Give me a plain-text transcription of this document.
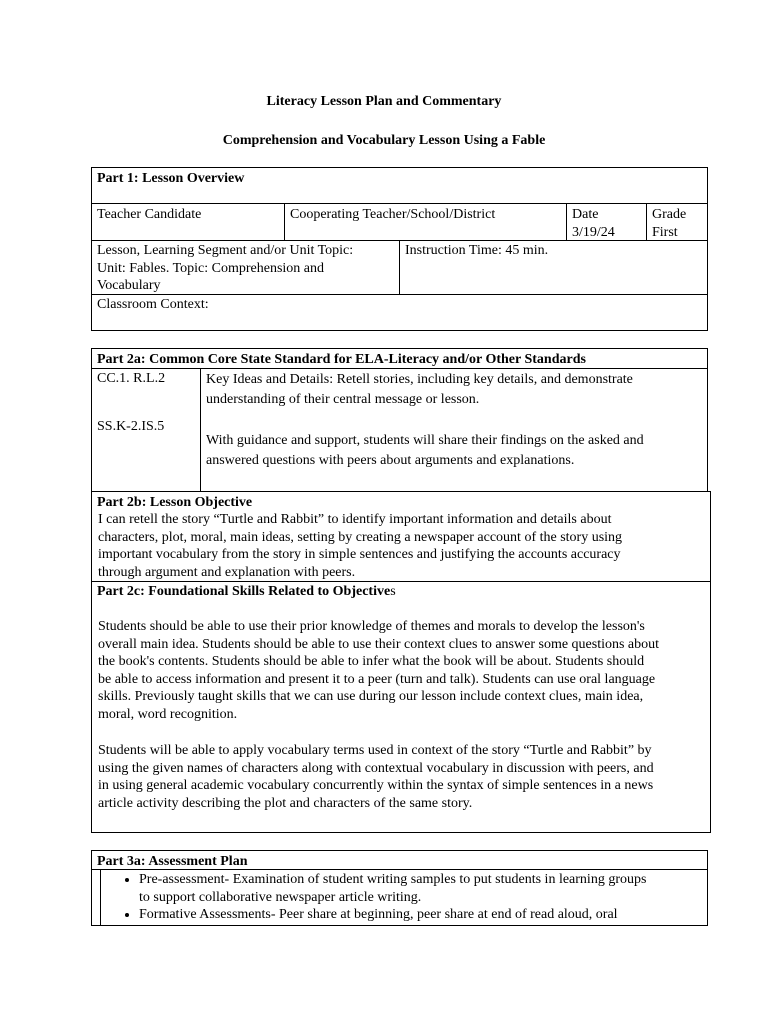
Literacy Lesson Plan and Commentary
Comprehension and Vocabulary Lesson Using a Fable
Part 1: Lesson Overview
Teacher Candidate	Cooperating Teacher/School/District	Date
3/19/24
Grade
First
Lesson, Learning Segment and/or Unit Topic:
Unit: Fables. Topic: Comprehension and
Vocabulary
Instruction Time: 45 min.
Classroom Context:
Part 2a: Common Core State Standard for ELA-Literacy and/or Other Standards
CC.1. R.L.2
SS.K-2.IS.5
Key Ideas and Details: Retell stories, including key details, and demonstrate
understanding of their central message or lesson.
With guidance and support, students will share their findings on the asked and
answered questions with peers about arguments and explanations.
Part 2b: Lesson Objective
I can retell the story “Turtle and Rabbit” to identify important information and details about
characters, plot, moral, main ideas, setting by creating a newspaper account of the story using
important vocabulary from the story in simple sentences and justifying the accounts accuracy
through argument and explanation with peers.
Part 2c: Foundational Skills Related to Objectives
Students should be able to use their prior knowledge of themes and morals to develop the lesson's
overall main idea. Students should be able to use their context clues to answer some questions about
the book's contents. Students should be able to infer what the book will be about. Students should
be able to access information and present it to a peer (turn and talk). Students can use oral language
skills. Previously taught skills that we can use during our lesson include context clues, main idea,
moral, word recognition.
Students will be able to apply vocabulary terms used in context of the story “Turtle and Rabbit” by
using the given names of characters along with contextual vocabulary in discussion with peers, and
in using general academic vocabulary concurrently within the syntax of simple sentences in a news
article activity describing the plot and characters of the same story.
Part 3a: Assessment Plan
• Pre-assessment- Examination of student writing samples to put students in learning groups
to support collaborative newspaper article writing.
• Formative Assessments- Peer share at beginning, peer share at end of read aloud, oral
